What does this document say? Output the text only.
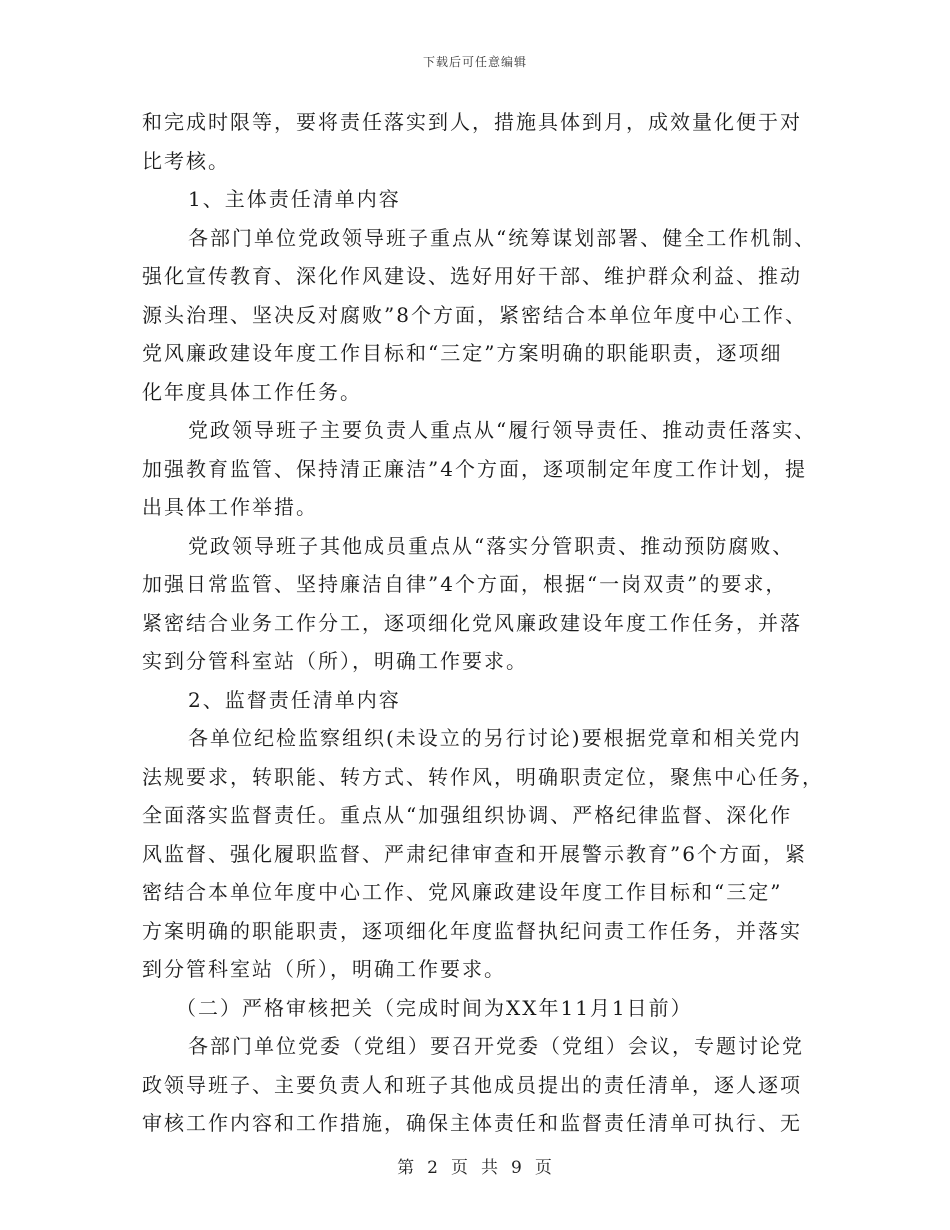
下载后可任意编辑
和完成时限等，要将责任落实到人，措施具体到月，成效量化便于对
比考核。
1、主体责任清单内容
各部门单位党政领导班子重点从“统筹谋划部署、健全工作机制、
强化宣传教育、深化作风建设、选好用好干部、维护群众利益、推动
源头治理、坚决反对腐败”8个方面，紧密结合本单位年度中心工作、
党风廉政建设年度工作目标和“三定”方案明确的职能职责，逐项细
化年度具体工作任务。
党政领导班子主要负责人重点从“履行领导责任、推动责任落实、
加强教育监管、保持清正廉洁”4个方面，逐项制定年度工作计划，提
出具体工作举措。
党政领导班子其他成员重点从“落实分管职责、推动预防腐败、
加强日常监管、坚持廉洁自律”4个方面，根据“一岗双责”的要求，
紧密结合业务工作分工，逐项细化党风廉政建设年度工作任务，并落
实到分管科室站（所），明确工作要求。
2、监督责任清单内容
各单位纪检监察组织(未设立的另行讨论)要根据党章和相关党内
法规要求，转职能、转方式、转作风，明确职责定位，聚焦中心任务，
全面落实监督责任。重点从“加强组织协调、严格纪律监督、深化作
风监督、强化履职监督、严肃纪律审查和开展警示教育”6个方面，紧
密结合本单位年度中心工作、党风廉政建设年度工作目标和“三定”
方案明确的职能职责，逐项细化年度监督执纪问责工作任务，并落实
到分管科室站（所），明确工作要求。
（二）严格审核把关（完成时间为XX年11月1日前）
各部门单位党委（党组）要召开党委（党组）会议，专题讨论党
政领导班子、主要负责人和班子其他成员提出的责任清单，逐人逐项
审核工作内容和工作措施，确保主体责任和监督责任清单可执行、无
第 2 页 共 9 页
